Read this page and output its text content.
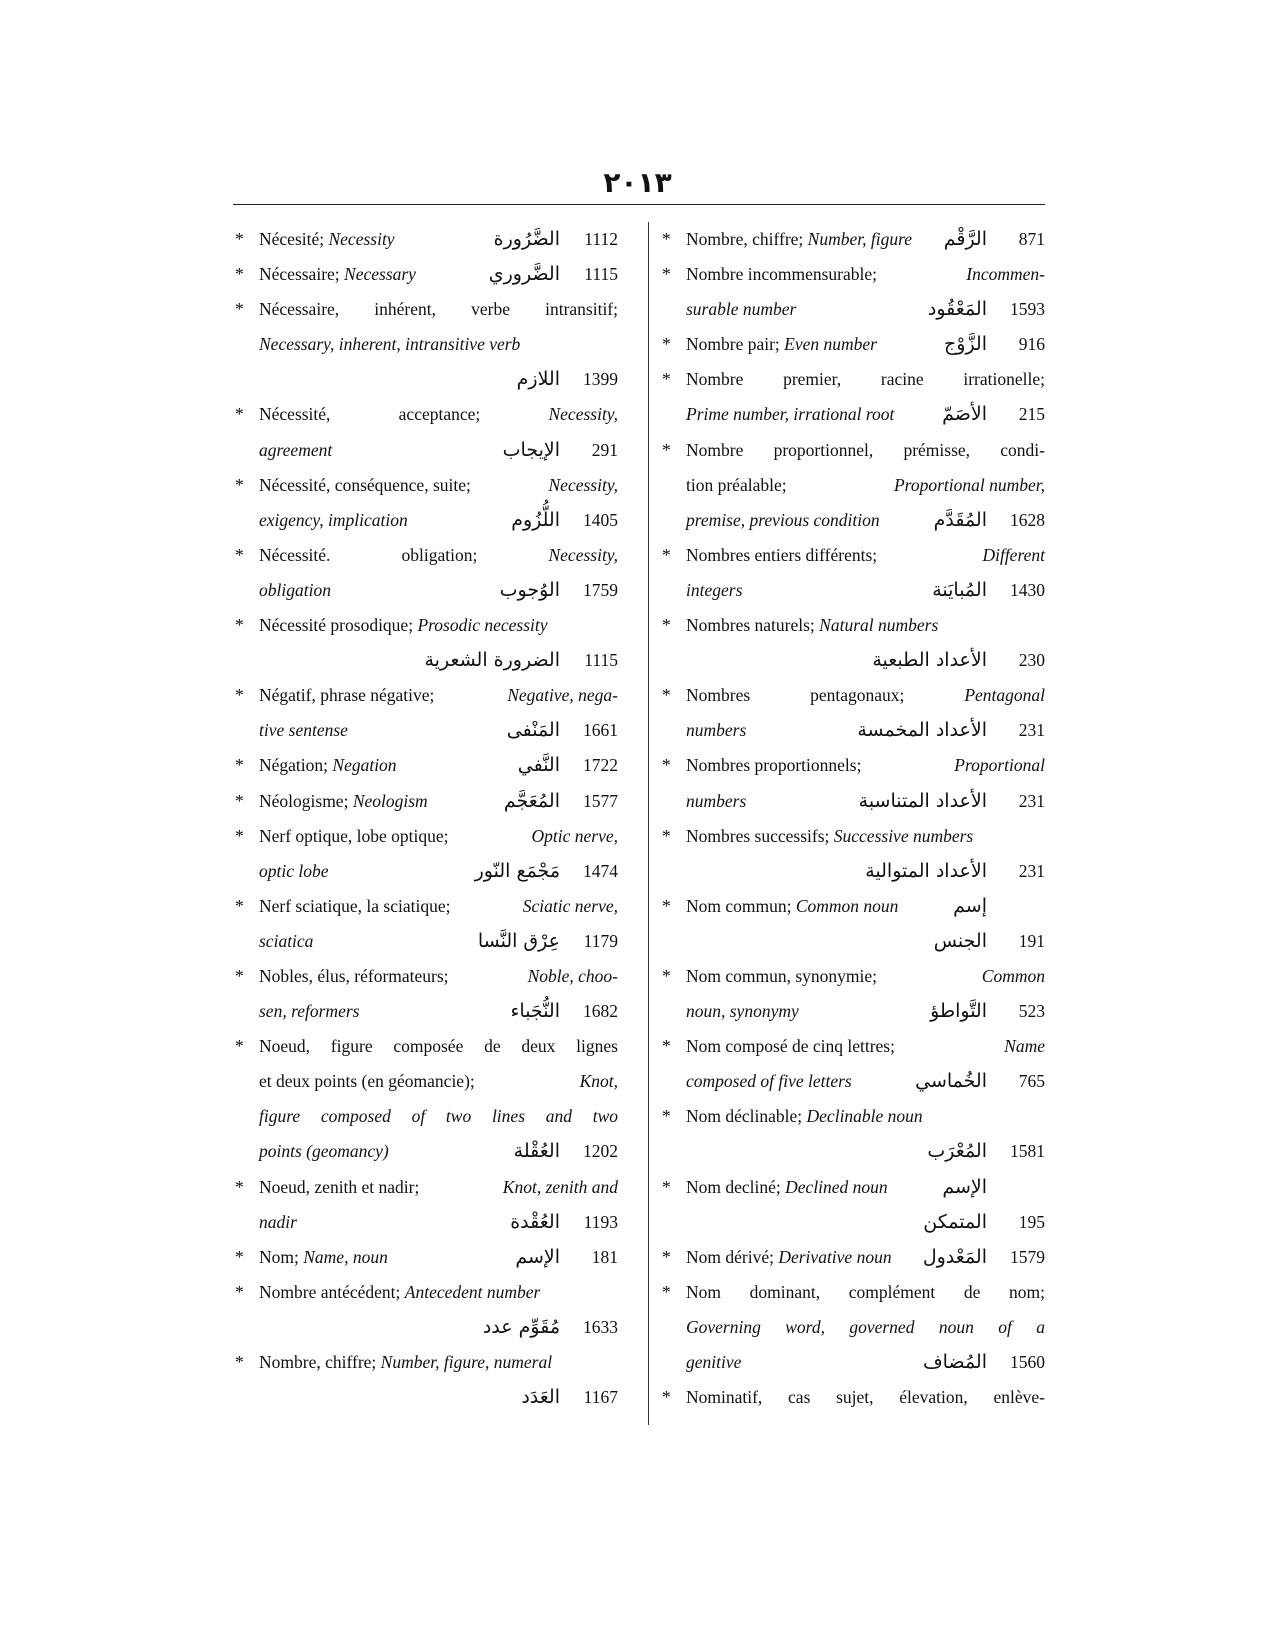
٢٠١٣
* Nécesité; Necessity	الضَّرُورة	1112
* Nécessaire; Necessary	الضَّروري	1115
* Nécessaire, inhérent, verbe intransitif;
Necessary, inherent, intransitive verb
اللازم	1399
* Nécessité,	acceptance;	Necessity,
agreement	الإيجاب	291
* Nécessité, conséquence, suite;	Necessity,
exigency, implication	اللُّزُوم	1405
* Nécessité.	obligation;	Necessity,
obligation	الوُجوب	1759
* Nécessité prosodique; Prosodic necessity
الضرورة الشعرية	1115
* Négatif, phrase négative;	Negative, nega-
tive sentense	المَنْفى	1661
* Négation; Negation	النَّفي	1722
* Néologisme; Neologism	المُعَجَّم	1577
* Nerf optique, lobe optique;	Optic nerve,
optic lobe	مَجْمَع النّور	1474
* Nerf sciatique, la sciatique;	Sciatic nerve,
sciatica	عِرْق النَّسا	1179
* Nobles, élus, réformateurs;	Noble, choo-
sen, reformers	النُّجَباء	1682
* Noeud, figure composée de deux lignes
et deux points (en géomancie);	Knot,
figure composed of two lines and two
points (geomancy)	العُقْلة	1202
* Noeud, zenith et nadir;	Knot, zenith and
nadir	العُقْدة	1193
* Nom; Name, noun	الإسم	181
* Nombre antécédent; Antecedent number
مُقَوِّم عدد	1633
* Nombre, chiffre; Number, figure, numeral
العَدَد	1167
* Nombre, chiffre; Number, figure	الرَّقْم	871
* Nombre incommensurable;	Incommen-
surable number	المَعْقُود	1593
* Nombre pair; Even number	الزَّوْج	916
* Nombre premier, racine irrationelle;
Prime number, irrational root	الأصَمّ	215
* Nombre proportionnel, prémisse, condi-
tion préalable;	Proportional number,
premise, previous condition	المُقَدَّم	1628
* Nombres entiers différents;	Different
integers	المُبايَنة	1430
* Nombres naturels; Natural numbers
الأعداد الطبعية	230
* Nombres	pentagonaux;	Pentagonal
numbers	الأعداد المخمسة	231
* Nombres proportionnels;	Proportional
numbers	الأعداد المتناسبة	231
* Nombres successifs; Successive numbers
الأعداد المتوالية	231
* Nom commun; Common noun	إسم
الجنس	191
* Nom commun, synonymie;	Common
noun, synonymy	التَّواطؤ	523
* Nom composé de cinq lettres;	Name
composed of five letters	الخُماسي	765
* Nom déclinable; Declinable noun
المُعْرَب	1581
* Nom decliné; Declined noun	الإسم
المتمكن	195
* Nom dérivé; Derivative noun	المَعْدول	1579
* Nom dominant, complément de nom;
Governing word, governed noun of a
genitive	المُضاف	1560
* Nominatif, cas sujet, élevation, enlève-
